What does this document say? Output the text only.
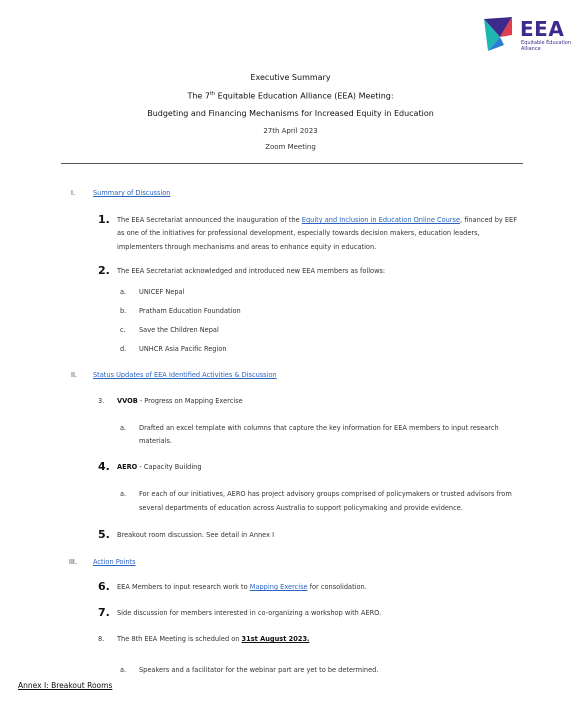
EEA
Equitable Education
Alliance
Executive Summary
The 7th Equitable Education Alliance (EEA) Meeting:
Budgeting and Financing Mechanisms for Increased Equity in Education
27th April 2023
Zoom Meeting
I.	Summary of Discussion
1. The EEA Secretariat announced the inauguration of the Equity and Inclusion in Education Online Course, financed by EEF
as one of the initiatives for professional development, especially towards decision makers, education leaders,
implementers through mechanisms and areas to enhance equity in education.
2. The EEA Secretariat acknowledged and introduced new EEA members as follows:
a. UNICEF Nepal
b. Pratham Education Foundation
c. Save the Children Nepal
d. UNHCR Asia Pacific Region
II. Status Updates of EEA Identified Activities & Discussion
3. VVOB - Progress on Mapping Exercise
a. Drafted an excel template with columns that capture the key information for EEA members to input research
materials.
4. AERO - Capacity Building
a. For each of our initiatives, AERO has project advisory groups comprised of policymakers or trusted advisors from
several departments of education across Australia to support policymaking and provide evidence.
5. Breakout room discussion. See detail in Annex I
III. Action Points
6. EEA Members to input research work to Mapping Exercise for consolidation.
7. Side discussion for members interested in co-organizing a workshop with AERO.
8. The 8th EEA Meeting is scheduled on 31st August 2023.
a. Speakers and a facilitator for the webinar part are yet to be determined.
Annex I: Breakout Rooms
